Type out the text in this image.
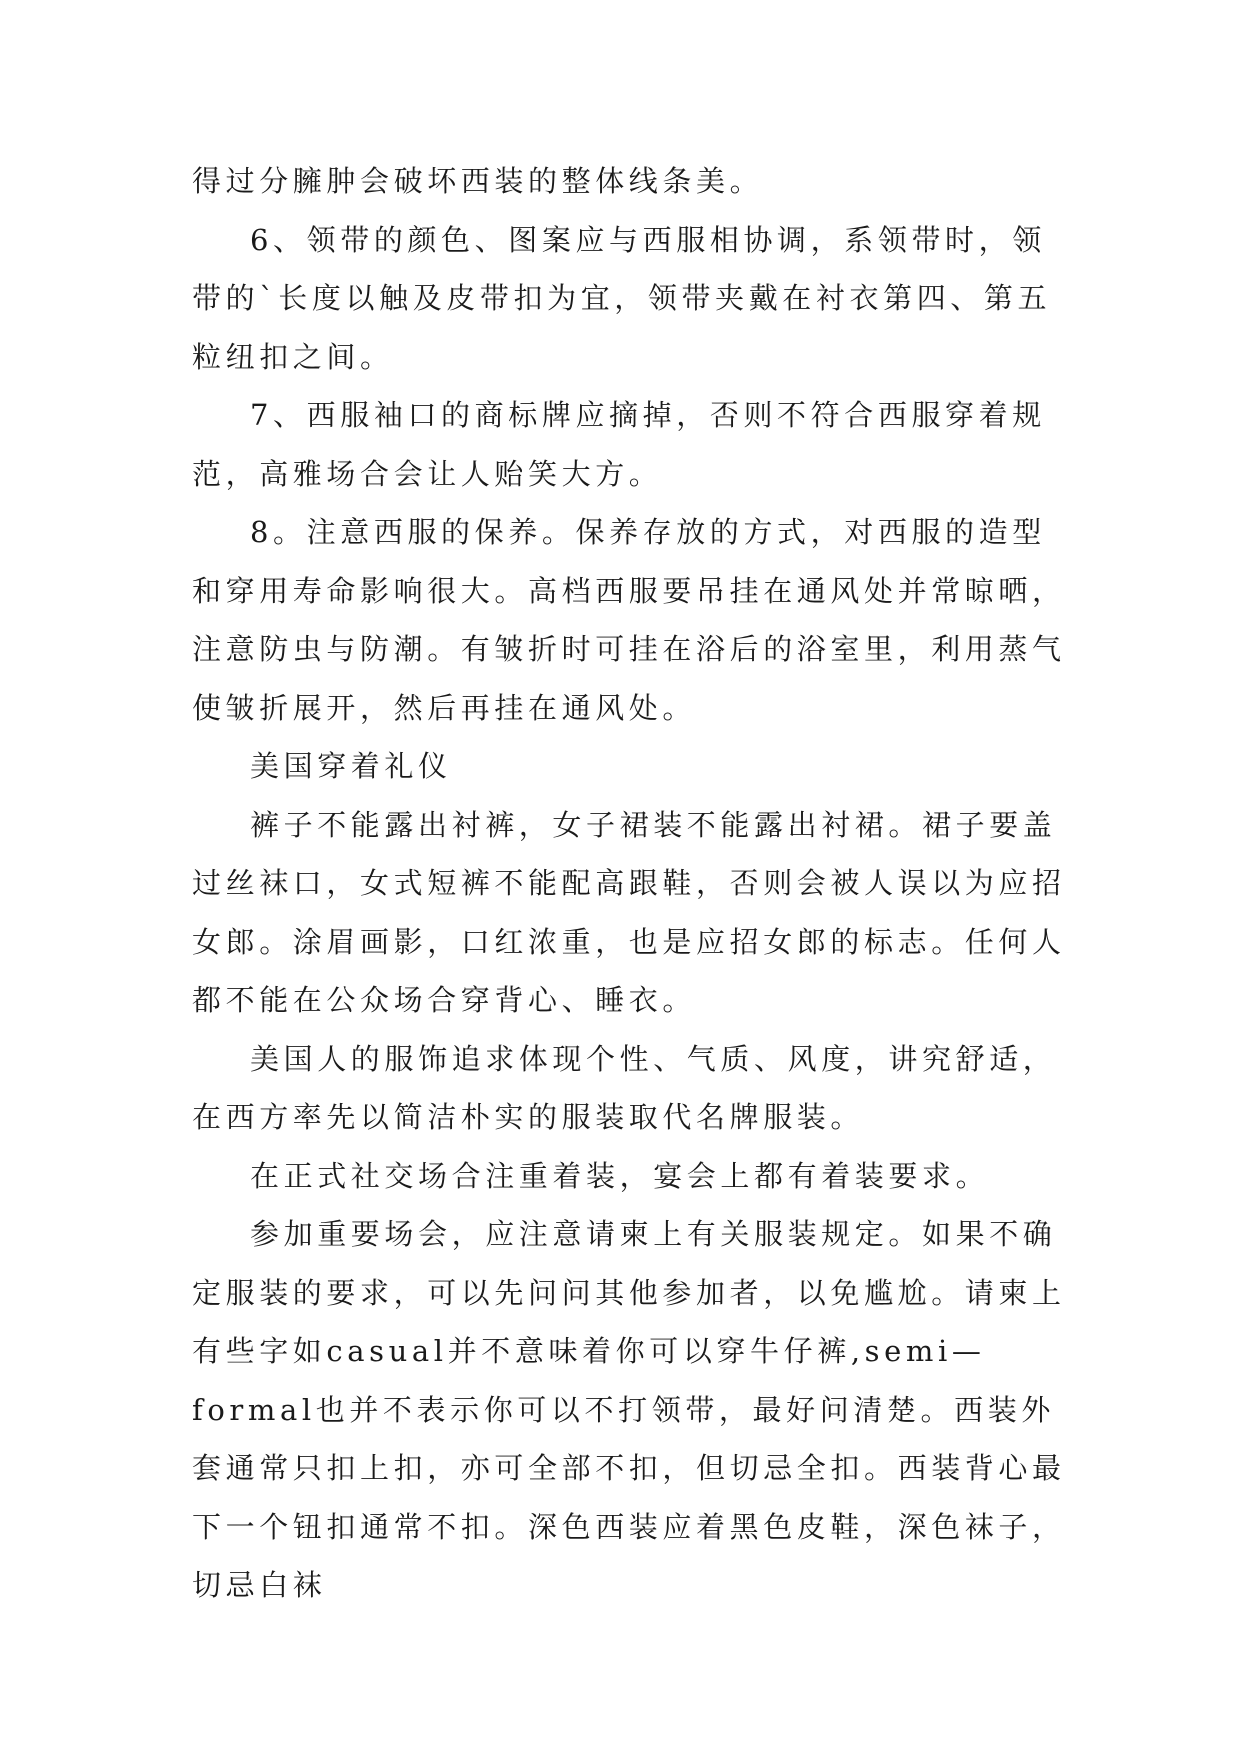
得过分臃肿会破坏西装的整体线条美。

6、领带的颜色、图案应与西服相协调，系领带时，领带的`长度以触及皮带扣为宜，领带夹戴在衬衣第四、第五粒纽扣之间。

7、西服袖口的商标牌应摘掉，否则不符合西服穿着规范，高雅场合会让人贻笑大方。

8。注意西服的保养。保养存放的方式，对西服的造型和穿用寿命影响很大。高档西服要吊挂在通风处并常晾晒，注意防虫与防潮。有皱折时可挂在浴后的浴室里，利用蒸气使皱折展开，然后再挂在通风处。

美国穿着礼仪

裤子不能露出衬裤，女子裙装不能露出衬裙。裙子要盖过丝袜口，女式短裤不能配高跟鞋，否则会被人误以为应招女郎。涂眉画影，口红浓重，也是应招女郎的标志。任何人都不能在公众场合穿背心、睡衣。

美国人的服饰追求体现个性、气质、风度，讲究舒适，在西方率先以简洁朴实的服装取代名牌服装。

在正式社交场合注重着装，宴会上都有着装要求。

参加重要场会，应注意请柬上有关服装规定。如果不确定服装的要求，可以先问问其他参加者，以免尴尬。请柬上有些字如casual并不意味着你可以穿牛仔裤,semi—formal也并不表示你可以不打领带，最好问清楚。西装外套通常只扣上扣，亦可全部不扣，但切忌全扣。西装背心最下一个钮扣通常不扣。深色西装应着黑色皮鞋，深色袜子，切忌白袜
